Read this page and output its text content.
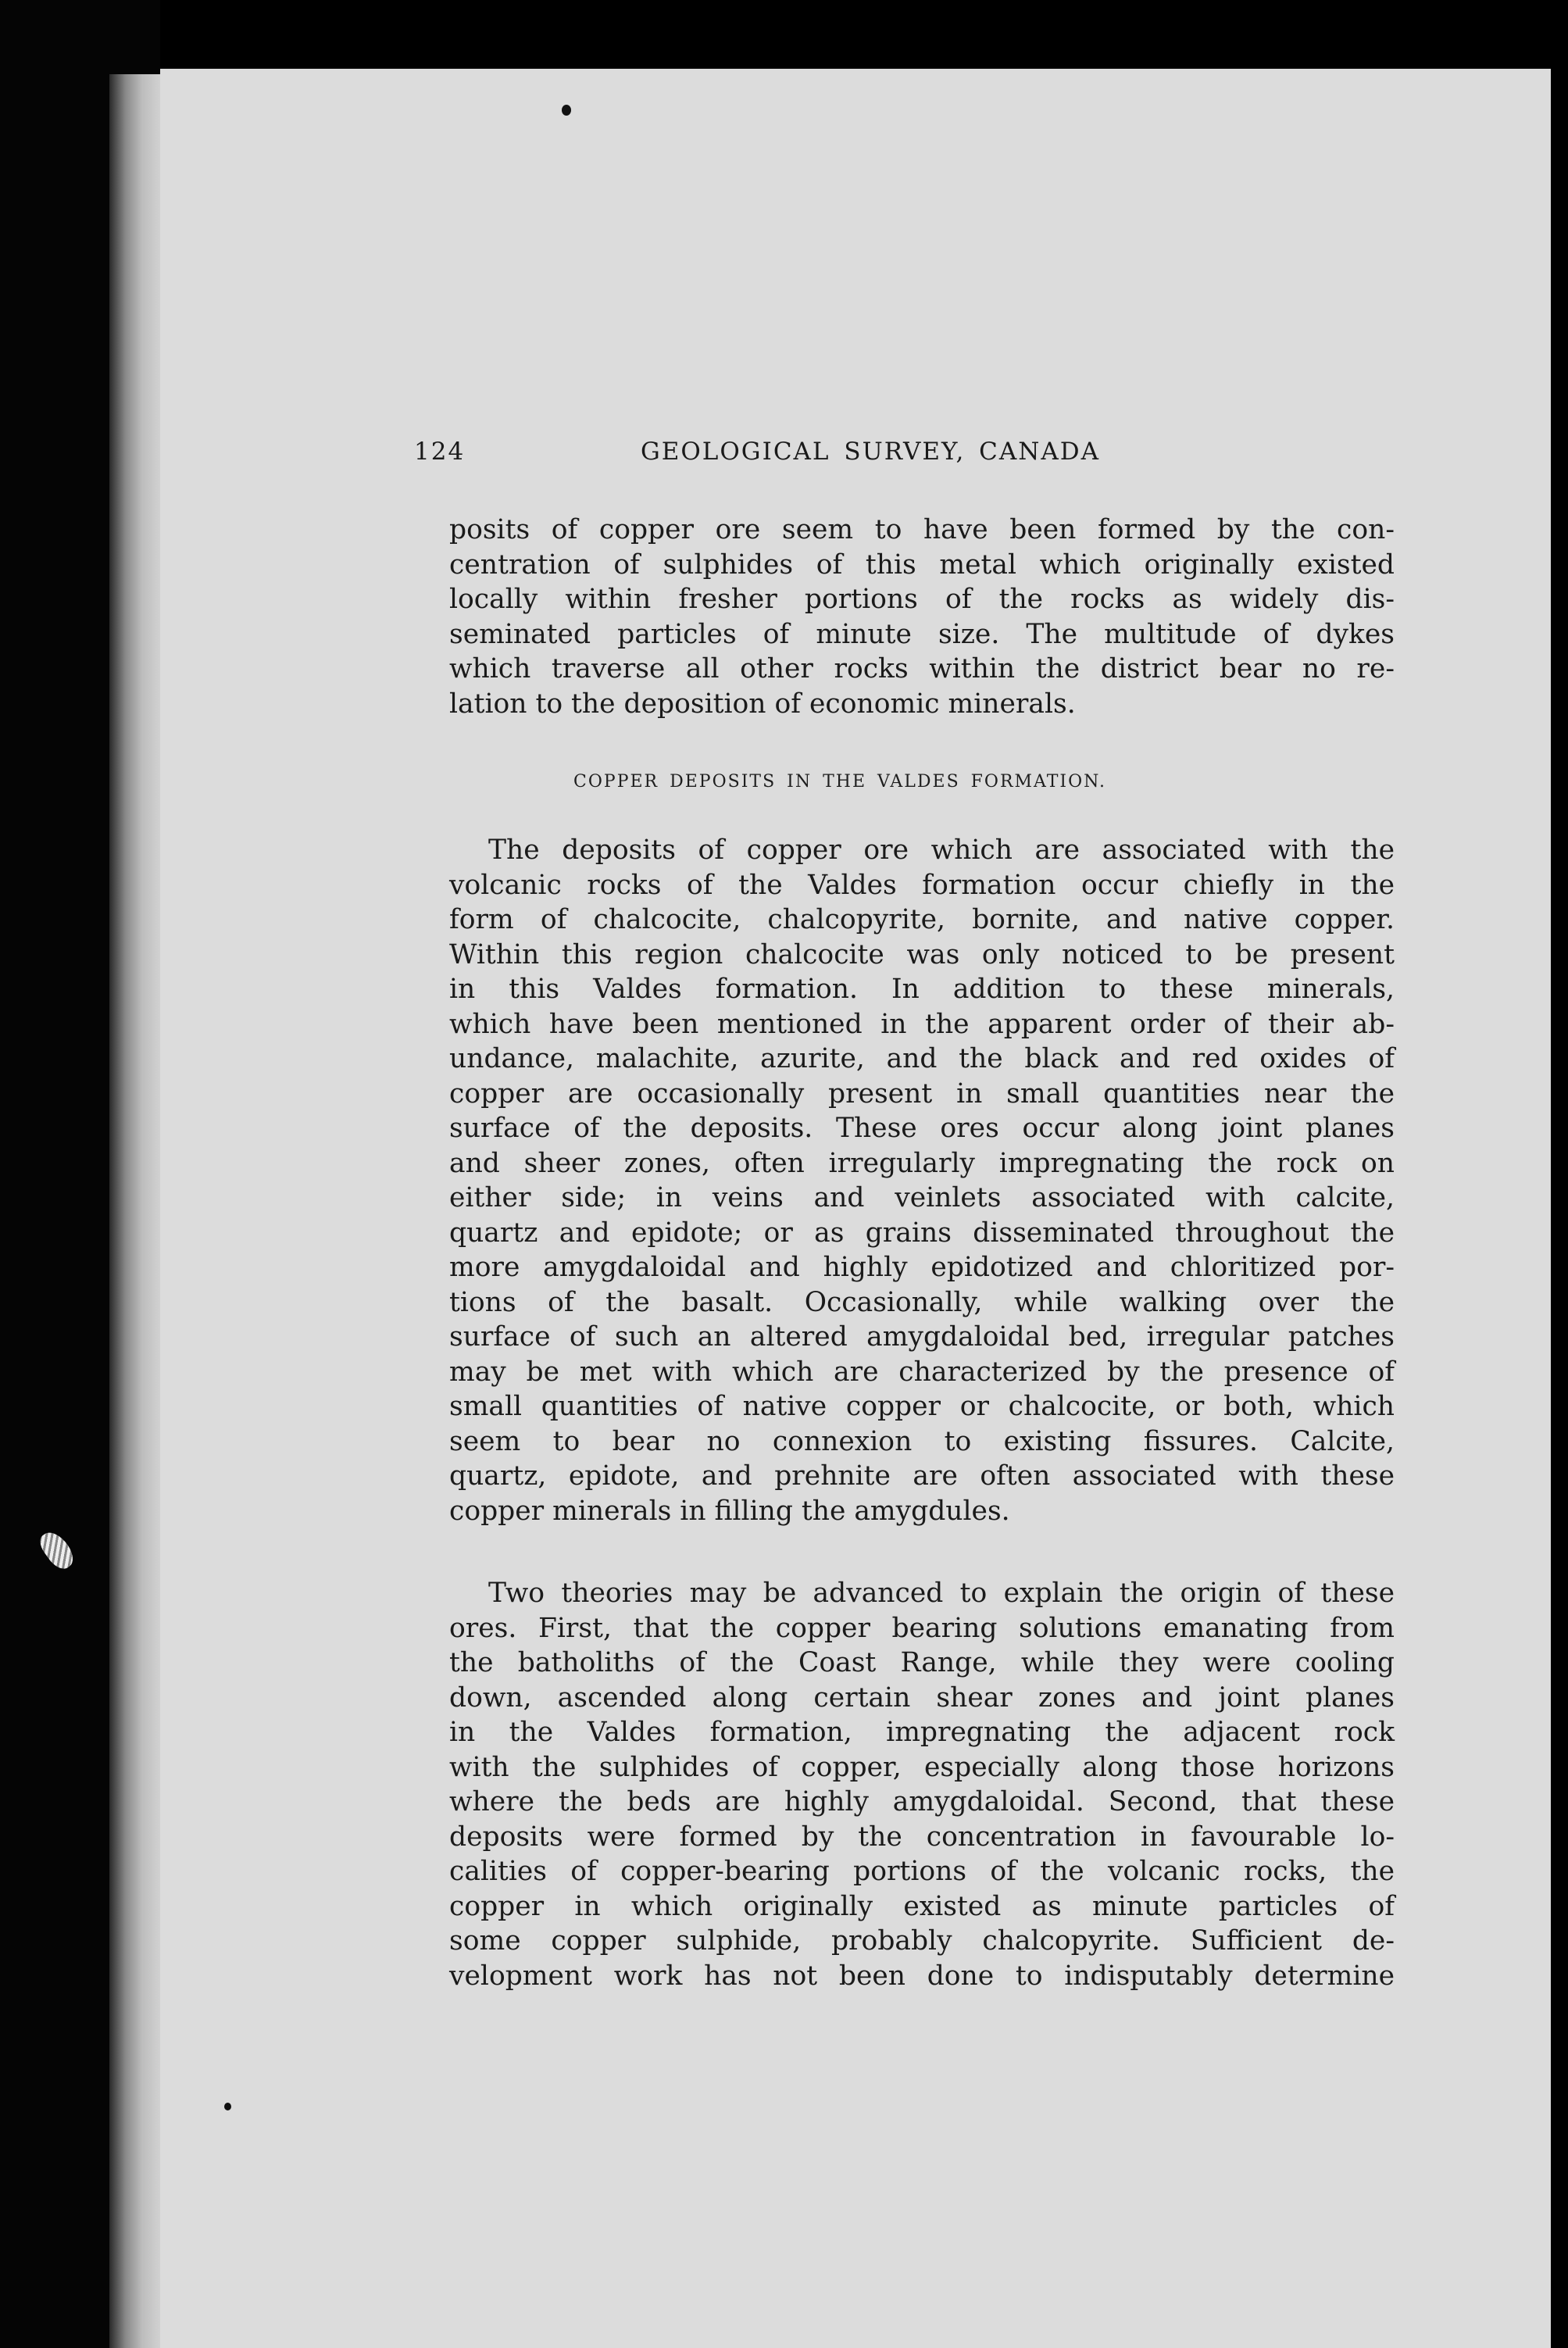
124	GEOLOGICAL SURVEY, CANADA

posits of copper ore seem to have been formed by the con-
centration of sulphides of this metal which originally existed
locally within fresher portions of the rocks as widely dis-
seminated particles of minute size. The multitude of dykes
which traverse all other rocks within the district bear no re-
lation to the deposition of economic minerals.

COPPER DEPOSITS IN THE VALDES FORMATION.

The deposits of copper ore which are associated with the
volcanic rocks of the Valdes formation occur chiefly in the
form of chalcocite, chalcopyrite, bornite, and native copper.
Within this region chalcocite was only noticed to be present
in this Valdes formation. In addition to these minerals,
which have been mentioned in the apparent order of their ab-
undance, malachite, azurite, and the black and red oxides of
copper are occasionally present in small quantities near the
surface of the deposits. These ores occur along joint planes
and sheer zones, often irregularly impregnating the rock on
either side; in veins and veinlets associated with calcite,
quartz and epidote; or as grains disseminated throughout the
more amygdaloidal and highly epidotized and chloritized por-
tions of the basalt. Occasionally, while walking over the
surface of such an altered amygdaloidal bed, irregular patches
may be met with which are characterized by the presence of
small quantities of native copper or chalcocite, or both, which
seem to bear no connexion to existing fissures. Calcite,
quartz, epidote, and prehnite are often associated with these
copper minerals in filling the amygdules.

Two theories may be advanced to explain the origin of these
ores. First, that the copper bearing solutions emanating from
the batholiths of the Coast Range, while they were cooling
down, ascended along certain shear zones and joint planes
in the Valdes formation, impregnating the adjacent rock
with the sulphides of copper, especially along those horizons
where the beds are highly amygdaloidal. Second, that these
deposits were formed by the concentration in favourable lo-
calities of copper-bearing portions of the volcanic rocks, the
copper in which originally existed as minute particles of
some copper sulphide, probably chalcopyrite. Sufficient de-
velopment work has not been done to indisputably determine
